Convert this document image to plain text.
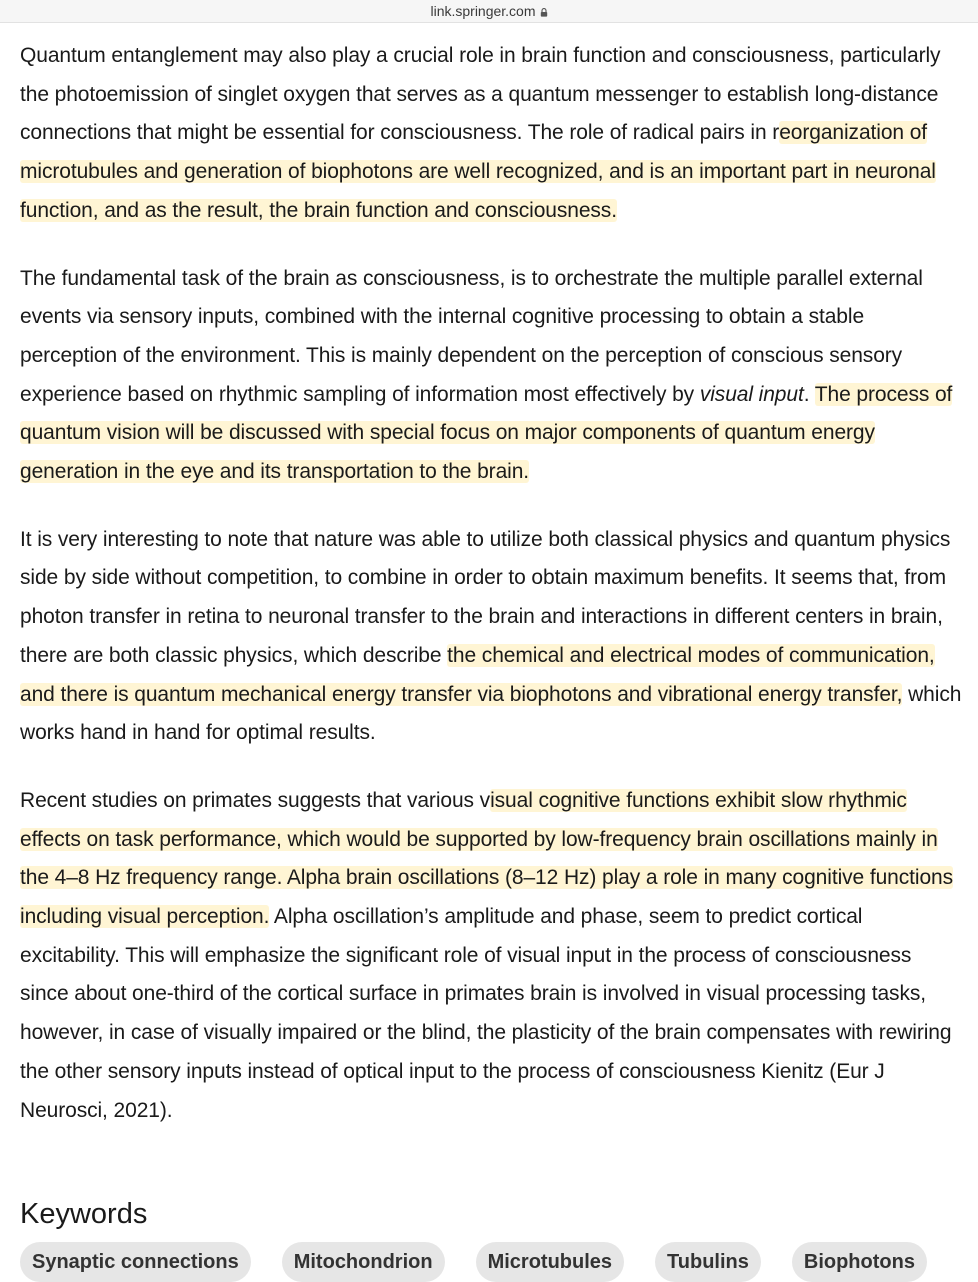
link.springer.com

Quantum entanglement may also play a crucial role in brain function and consciousness, particularly the photoemission of singlet oxygen that serves as a quantum messenger to establish long-distance connections that might be essential for consciousness. The role of radical pairs in reorganization of microtubules and generation of biophotons are well recognized, and is an important part in neuronal function, and as the result, the brain function and consciousness.

The fundamental task of the brain as consciousness, is to orchestrate the multiple parallel external events via sensory inputs, combined with the internal cognitive processing to obtain a stable perception of the environment. This is mainly dependent on the perception of conscious sensory experience based on rhythmic sampling of information most effectively by visual input. The process of quantum vision will be discussed with special focus on major components of quantum energy generation in the eye and its transportation to the brain.

It is very interesting to note that nature was able to utilize both classical physics and quantum physics side by side without competition, to combine in order to obtain maximum benefits. It seems that, from photon transfer in retina to neuronal transfer to the brain and interactions in different centers in brain, there are both classic physics, which describe the chemical and electrical modes of communication, and there is quantum mechanical energy transfer via biophotons and vibrational energy transfer, which works hand in hand for optimal results.

Recent studies on primates suggests that various visual cognitive functions exhibit slow rhythmic effects on task performance, which would be supported by low-frequency brain oscillations mainly in the 4–8 Hz frequency range. Alpha brain oscillations (8–12 Hz) play a role in many cognitive functions including visual perception. Alpha oscillation’s amplitude and phase, seem to predict cortical excitability. This will emphasize the significant role of visual input in the process of consciousness since about one-third of the cortical surface in primates brain is involved in visual processing tasks, however, in case of visually impaired or the blind, the plasticity of the brain compensates with rewiring the other sensory inputs instead of optical input to the process of consciousness Kienitz (Eur J Neurosci, 2021).

Keywords
Synaptic connections	Mitochondrion	Microtubules	Tubulins	Biophotons
